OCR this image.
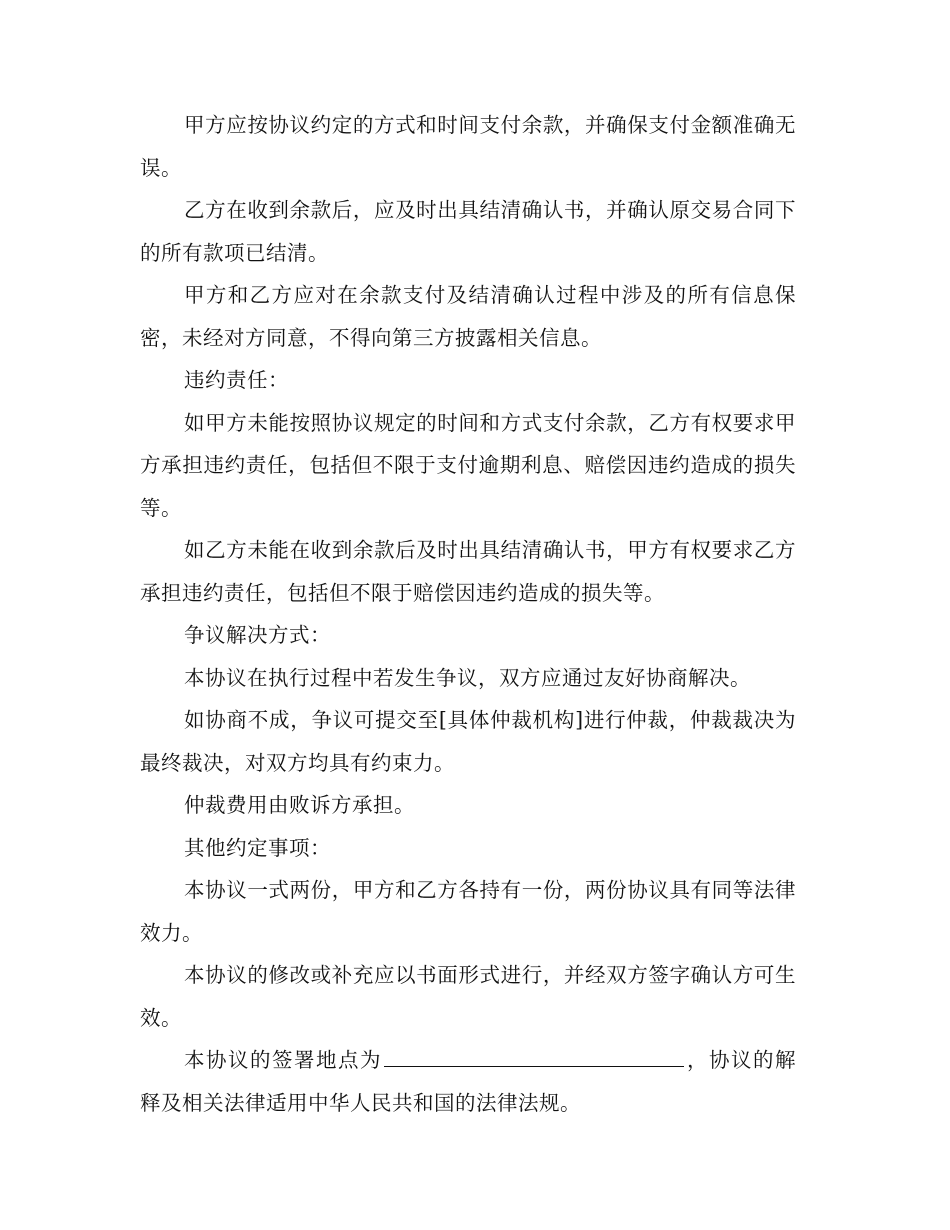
甲方应按协议约定的方式和时间支付余款，并确保支付金额准确无误。

乙方在收到余款后，应及时出具结清确认书，并确认原交易合同下的所有款项已结清。

甲方和乙方应对在余款支付及结清确认过程中涉及的所有信息保密，未经对方同意，不得向第三方披露相关信息。

违约责任：

如甲方未能按照协议规定的时间和方式支付余款，乙方有权要求甲方承担违约责任，包括但不限于支付逾期利息、赔偿因违约造成的损失等。

如乙方未能在收到余款后及时出具结清确认书，甲方有权要求乙方承担违约责任，包括但不限于赔偿因违约造成的损失等。

争议解决方式：

本协议在执行过程中若发生争议，双方应通过友好协商解决。

如协商不成，争议可提交至[具体仲裁机构]进行仲裁，仲裁裁决为最终裁决，对双方均具有约束力。

仲裁费用由败诉方承担。

其他约定事项：

本协议一式两份，甲方和乙方各持有一份，两份协议具有同等法律效力。

本协议的修改或补充应以书面形式进行，并经双方签字确认方可生效。

本协议的签署地点为	，协议的解释及相关法律适用中华人民共和国的法律法规。
